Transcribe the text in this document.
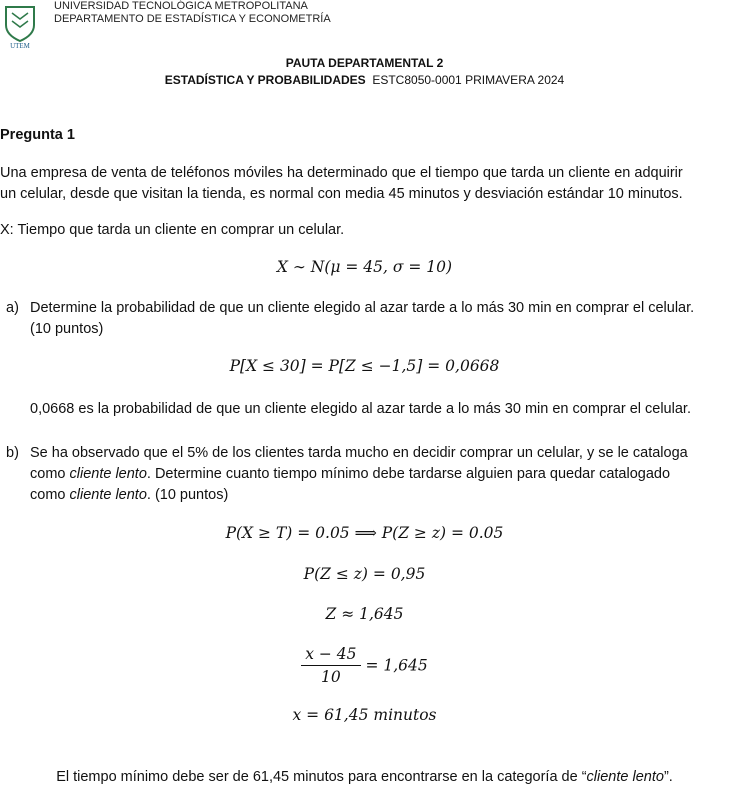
UTEM
UNIVERSIDAD TECNOLÓGICA METROPOLITANA
DEPARTAMENTO DE ESTADÍSTICA Y ECONOMETRÍA
PAUTA DEPARTAMENTAL 2
ESTADÍSTICA Y PROBABILIDADES ESTC8050-0001 PRIMAVERA 2024
Pregunta 1
Una empresa de venta de teléfonos móviles ha determinado que el tiempo que tarda un cliente en adquirir
un celular, desde que visitan la tienda, es normal con media 45 minutos y desviación estándar 10 minutos.
X: Tiempo que tarda un cliente en comprar un celular.
X ∼ N(μ = 45, σ = 10)
a) Determine la probabilidad de que un cliente elegido al azar tarde a lo más 30 min en comprar el celular.
(10 puntos)
P[X ≤ 30] = P[Z ≤ −1,5] = 0,0668
0,0668 es la probabilidad de que un cliente elegido al azar tarde a lo más 30 min en comprar el celular.
b) Se ha observado que el 5% de los clientes tarda mucho en decidir comprar un celular, y se le cataloga
como cliente lento. Determine cuanto tiempo mínimo debe tardarse alguien para quedar catalogado
como cliente lento. (10 puntos)
P(X ≥ T) = 0.05 ⟹ P(Z ≥ z) = 0.05
P(Z ≤ z) = 0,95
Z ≈ 1,645
$\frac{x - 45}{10} = 1,645$
x = 61,45 minutos
El tiempo mínimo debe ser de 61,45 minutos para encontrarse en la categoría de “cliente lento”.
